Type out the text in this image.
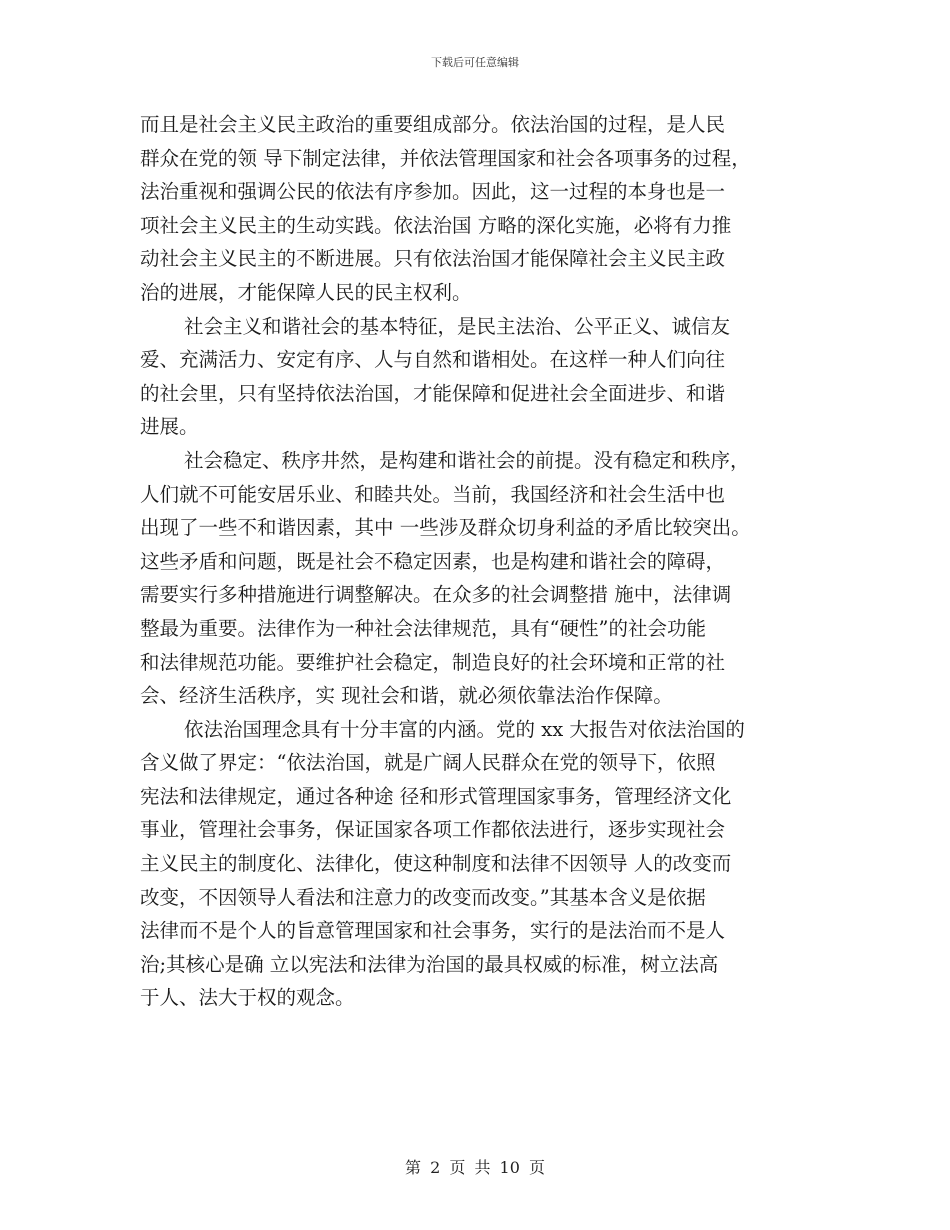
下载后可任意编辑

而且是社会主义民主政治的重要组成部分。依法治国的过程，是人民
群众在党的领 导下制定法律，并依法管理国家和社会各项事务的过程，
法治重视和强调公民的依法有序参加。因此，这一过程的本身也是一
项社会主义民主的生动实践。依法治国 方略的深化实施，必将有力推
动社会主义民主的不断进展。只有依法治国才能保障社会主义民主政
治的进展，才能保障人民的民主权利。

社会主义和谐社会的基本特征，是民主法治、公平正义、诚信友
爱、充满活力、安定有序、人与自然和谐相处。在这样一种人们向往
的社会里，只有坚持依法治国，才能保障和促进社会全面进步、和谐
进展。

社会稳定、秩序井然，是构建和谐社会的前提。没有稳定和秩序，
人们就不可能安居乐业、和睦共处。当前，我国经济和社会生活中也
出现了一些不和谐因素，其中 一些涉及群众切身利益的矛盾比较突出。
这些矛盾和问题，既是社会不稳定因素，也是构建和谐社会的障碍，
需要实行多种措施进行调整解决。在众多的社会调整措 施中，法律调
整最为重要。法律作为一种社会法律规范，具有“硬性”的社会功能
和法律规范功能。要维护社会稳定，制造良好的社会环境和正常的社
会、经济生活秩序，实 现社会和谐，就必须依靠法治作保障。

依法治国理念具有十分丰富的内涵。党的 xx 大报告对依法治国的
含义做了界定：“依法治国，就是广阔人民群众在党的领导下，依照
宪法和法律规定，通过各种途 径和形式管理国家事务，管理经济文化
事业，管理社会事务，保证国家各项工作都依法进行，逐步实现社会
主义民主的制度化、法律化，使这种制度和法律不因领导 人的改变而
改变，不因领导人看法和注意力的改变而改变。”其基本含义是依据
法律而不是个人的旨意管理国家和社会事务，实行的是法治而不是人
治;其核心是确 立以宪法和法律为治国的最具权威的标准，树立法高
于人、法大于权的观念。

第 2 页 共 10 页
